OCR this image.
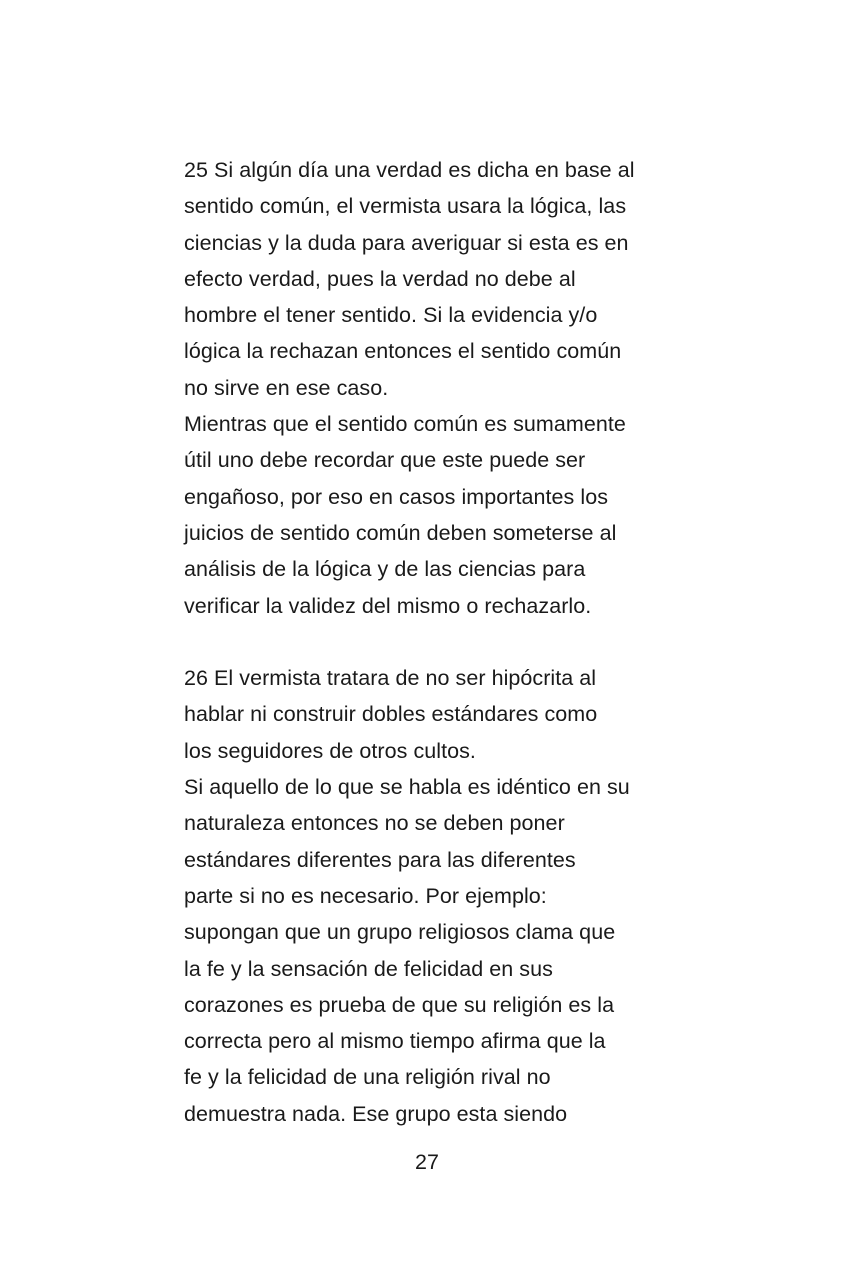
25 Si algún día una verdad es dicha en base al
sentido común, el vermista usara la lógica, las
ciencias y la duda para averiguar si esta es en
efecto verdad, pues la verdad no debe al
hombre el tener sentido. Si la evidencia y/o
lógica la rechazan entonces el sentido común
no sirve en ese caso.
Mientras que el sentido común es sumamente
útil uno debe recordar que este puede ser
engañoso, por eso en casos importantes los
juicios de sentido común deben someterse al
análisis de la lógica y de las ciencias para
verificar la validez del mismo o rechazarlo.
26 El vermista tratara de no ser hipócrita al
hablar ni construir dobles estándares como
los seguidores de otros cultos.
Si aquello de lo que se habla es idéntico en su
naturaleza entonces no se deben poner
estándares diferentes para las diferentes
parte si no es necesario. Por ejemplo:
supongan que un grupo religiosos clama que
la fe y la sensación de felicidad en sus
corazones es prueba de que su religión es la
correcta pero al mismo tiempo afirma que la
fe y la felicidad de una religión rival no
demuestra nada. Ese grupo esta siendo
27
